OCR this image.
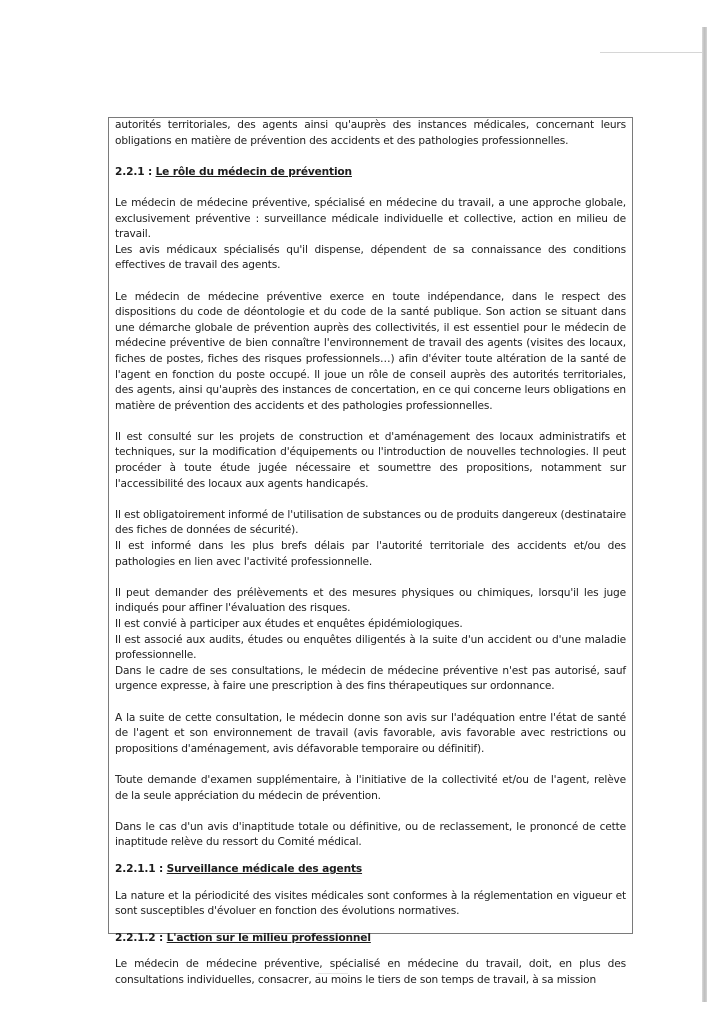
autorités territoriales, des agents ainsi qu'auprès des instances médicales, concernant leurs obligations en matière de prévention des accidents et des pathologies professionnelles.

2.2.1 : Le rôle du médecin de prévention

Le médecin de médecine préventive, spécialisé en médecine du travail, a une approche globale, exclusivement préventive : surveillance médicale individuelle et collective, action en milieu de travail.

Les avis médicaux spécialisés qu'il dispense, dépendent de sa connaissance des conditions effectives de travail des agents.

Le médecin de médecine préventive exerce en toute indépendance, dans le respect des dispositions du code de déontologie et du code de la santé publique. Son action se situant dans une démarche globale de prévention auprès des collectivités, il est essentiel pour le médecin de médecine préventive de bien connaître l'environnement de travail des agents (visites des locaux, fiches de postes, fiches des risques professionnels…) afin d'éviter toute altération de la santé de l'agent en fonction du poste occupé. Il joue un rôle de conseil auprès des autorités territoriales, des agents, ainsi qu'auprès des instances de concertation, en ce qui concerne leurs obligations en matière de prévention des accidents et des pathologies professionnelles.

Il est consulté sur les projets de construction et d'aménagement des locaux administratifs et techniques, sur la modification d'équipements ou l'introduction de nouvelles technologies. Il peut procéder à toute étude jugée nécessaire et soumettre des propositions, notamment sur l'accessibilité des locaux aux agents handicapés.

Il est obligatoirement informé de l'utilisation de substances ou de produits dangereux (destinataire des fiches de données de sécurité).

Il est informé dans les plus brefs délais par l'autorité territoriale des accidents et/ou des pathologies en lien avec l'activité professionnelle.

Il peut demander des prélèvements et des mesures physiques ou chimiques, lorsqu'il les juge indiqués pour affiner l'évaluation des risques.

Il est convié à participer aux études et enquêtes épidémiologiques.

Il est associé aux audits, études ou enquêtes diligentés à la suite d'un accident ou d'une maladie professionnelle.

Dans le cadre de ses consultations, le médecin de médecine préventive n'est pas autorisé, sauf urgence expresse, à faire une prescription à des fins thérapeutiques sur ordonnance.

A la suite de cette consultation, le médecin donne son avis sur l'adéquation entre l'état de santé de l'agent et son environnement de travail (avis favorable, avis favorable avec restrictions ou propositions d'aménagement, avis défavorable temporaire ou définitif).

Toute demande d'examen supplémentaire, à l'initiative de la collectivité et/ou de l'agent, relève de la seule appréciation du médecin de prévention.

Dans le cas d'un avis d'inaptitude totale ou définitive, ou de reclassement, le prononcé de cette inaptitude relève du ressort du Comité médical.

2.2.1.1 : Surveillance médicale des agents

La nature et la périodicité des visites médicales sont conformes à la réglementation en vigueur et sont susceptibles d'évoluer en fonction des évolutions normatives.

2.2.1.2 : L'action sur le milieu professionnel

Le médecin de médecine préventive, spécialisé en médecine du travail, doit, en plus des consultations individuelles, consacrer, au moins le tiers de son temps de travail, à sa mission
